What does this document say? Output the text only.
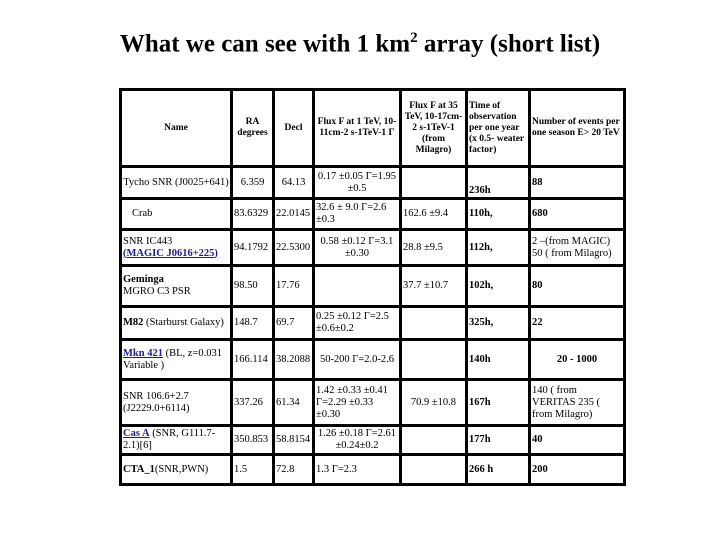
What we can see with 1 $km^2$ array (short list)
Name	RA degrees	Decl	Flux F at 1 TeV, 10-11cm-2 s-1TeV-1 Γ	Flux F at 35 TeV, 10-17cm-2 s-1TeV-1 (from Milagro)	Time of observation per one year (x 0.5- weater factor)	Number of events per one season E> 20 TeV
Tycho SNR (J0025+641)	6.359	64.13	0.17 ±0.05 Γ=1.95 ±0.5		236h	88
Crab	83.6329	22.0145	32.6 ± 9.0 Γ=2.6 ±0.3	162.6 ±9.4	110h,	680
SNR IC443
(MAGIC J0616+225)	94.1792	22.5300	0.58 ±0.12 Γ=3.1 ±0.30	28.8 ±9.5	112h,	2 –(from MAGIC) 50 ( from Milagro)
Geminga
MGRO C3 PSR	98.50	17.76		37.7 ±10.7	102h,	80
M82 (Starburst Galaxy)	148.7	69.7	0.25 ±0.12 Γ=2.5 ±0.6±0.2		325h,	22
Mkn 421 (BL, z=0.031 Variable )	166.114	38.2088	50-200 Γ=2.0-2.6		140h	20 - 1000
SNR 106.6+2.7 (J2229.0+6114)	337.26	61.34	1.42 ±0.33 ±0.41 Γ=2.29 ±0.33 ±0.30	70.9 ±10.8	167h	140 ( from VERITAS 235 ( from Milagro)
Cas A (SNR, G111.7-2.1)[6]	350.853	58.8154	1.26 ±0.18 Γ=2.61 ±0.24±0.2		177h	40
CTA_1(SNR,PWN)	1.5	72.8	1.3 Γ=2.3		266 h	200
